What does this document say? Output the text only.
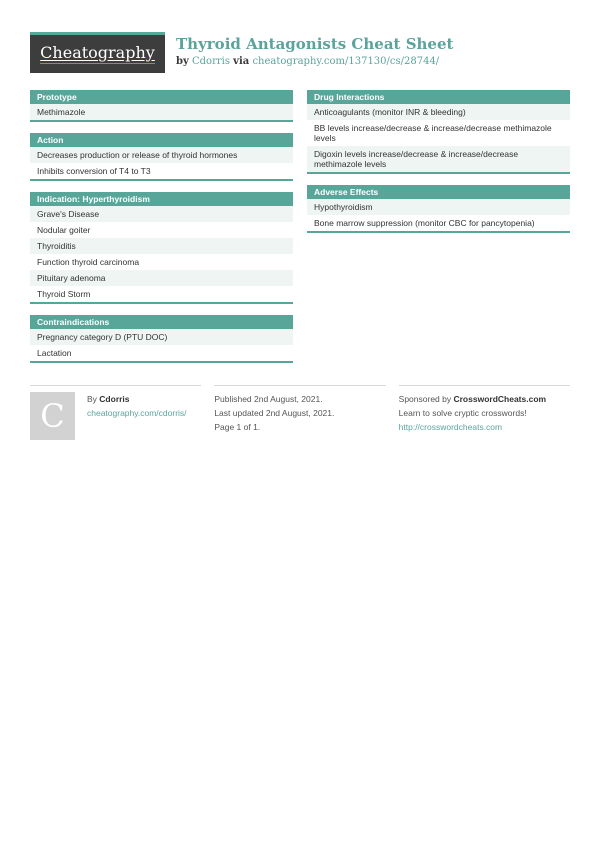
Cheatography Thyroid Antagonists Cheat Sheet
by Cdorris via cheatography.com/137130/cs/28744/
Prototype
Methimazole
Action
Decreases production or release of thyroid hormones
Inhibits conversion of T4 to T3
Indication: Hyperthyroidism
Grave's Disease
Nodular goiter
Thyroiditis
Function thyroid carcinoma
Pituitary adenoma
Thyroid Storm
Contraindications
Pregnancy category D (PTU DOC)
Lactation
Drug Interactions
Anticoagulants (monitor INR & bleeding)
BB levels increase/decrease & increase/decrease methimazole levels
Digoxin levels increase/decrease & increase/decrease methimazole levels
Adverse Effects
Hypothyroidism
Bone marrow suppression (monitor CBC for pancytopenia)
C	By Cdorris
cheatography.com/cdorris/
Published 2nd August, 2021.
Last updated 2nd August, 2021.
Page 1 of 1.
Sponsored by CrosswordCheats.com
Learn to solve cryptic crosswords!
http://crosswordcheats.com
